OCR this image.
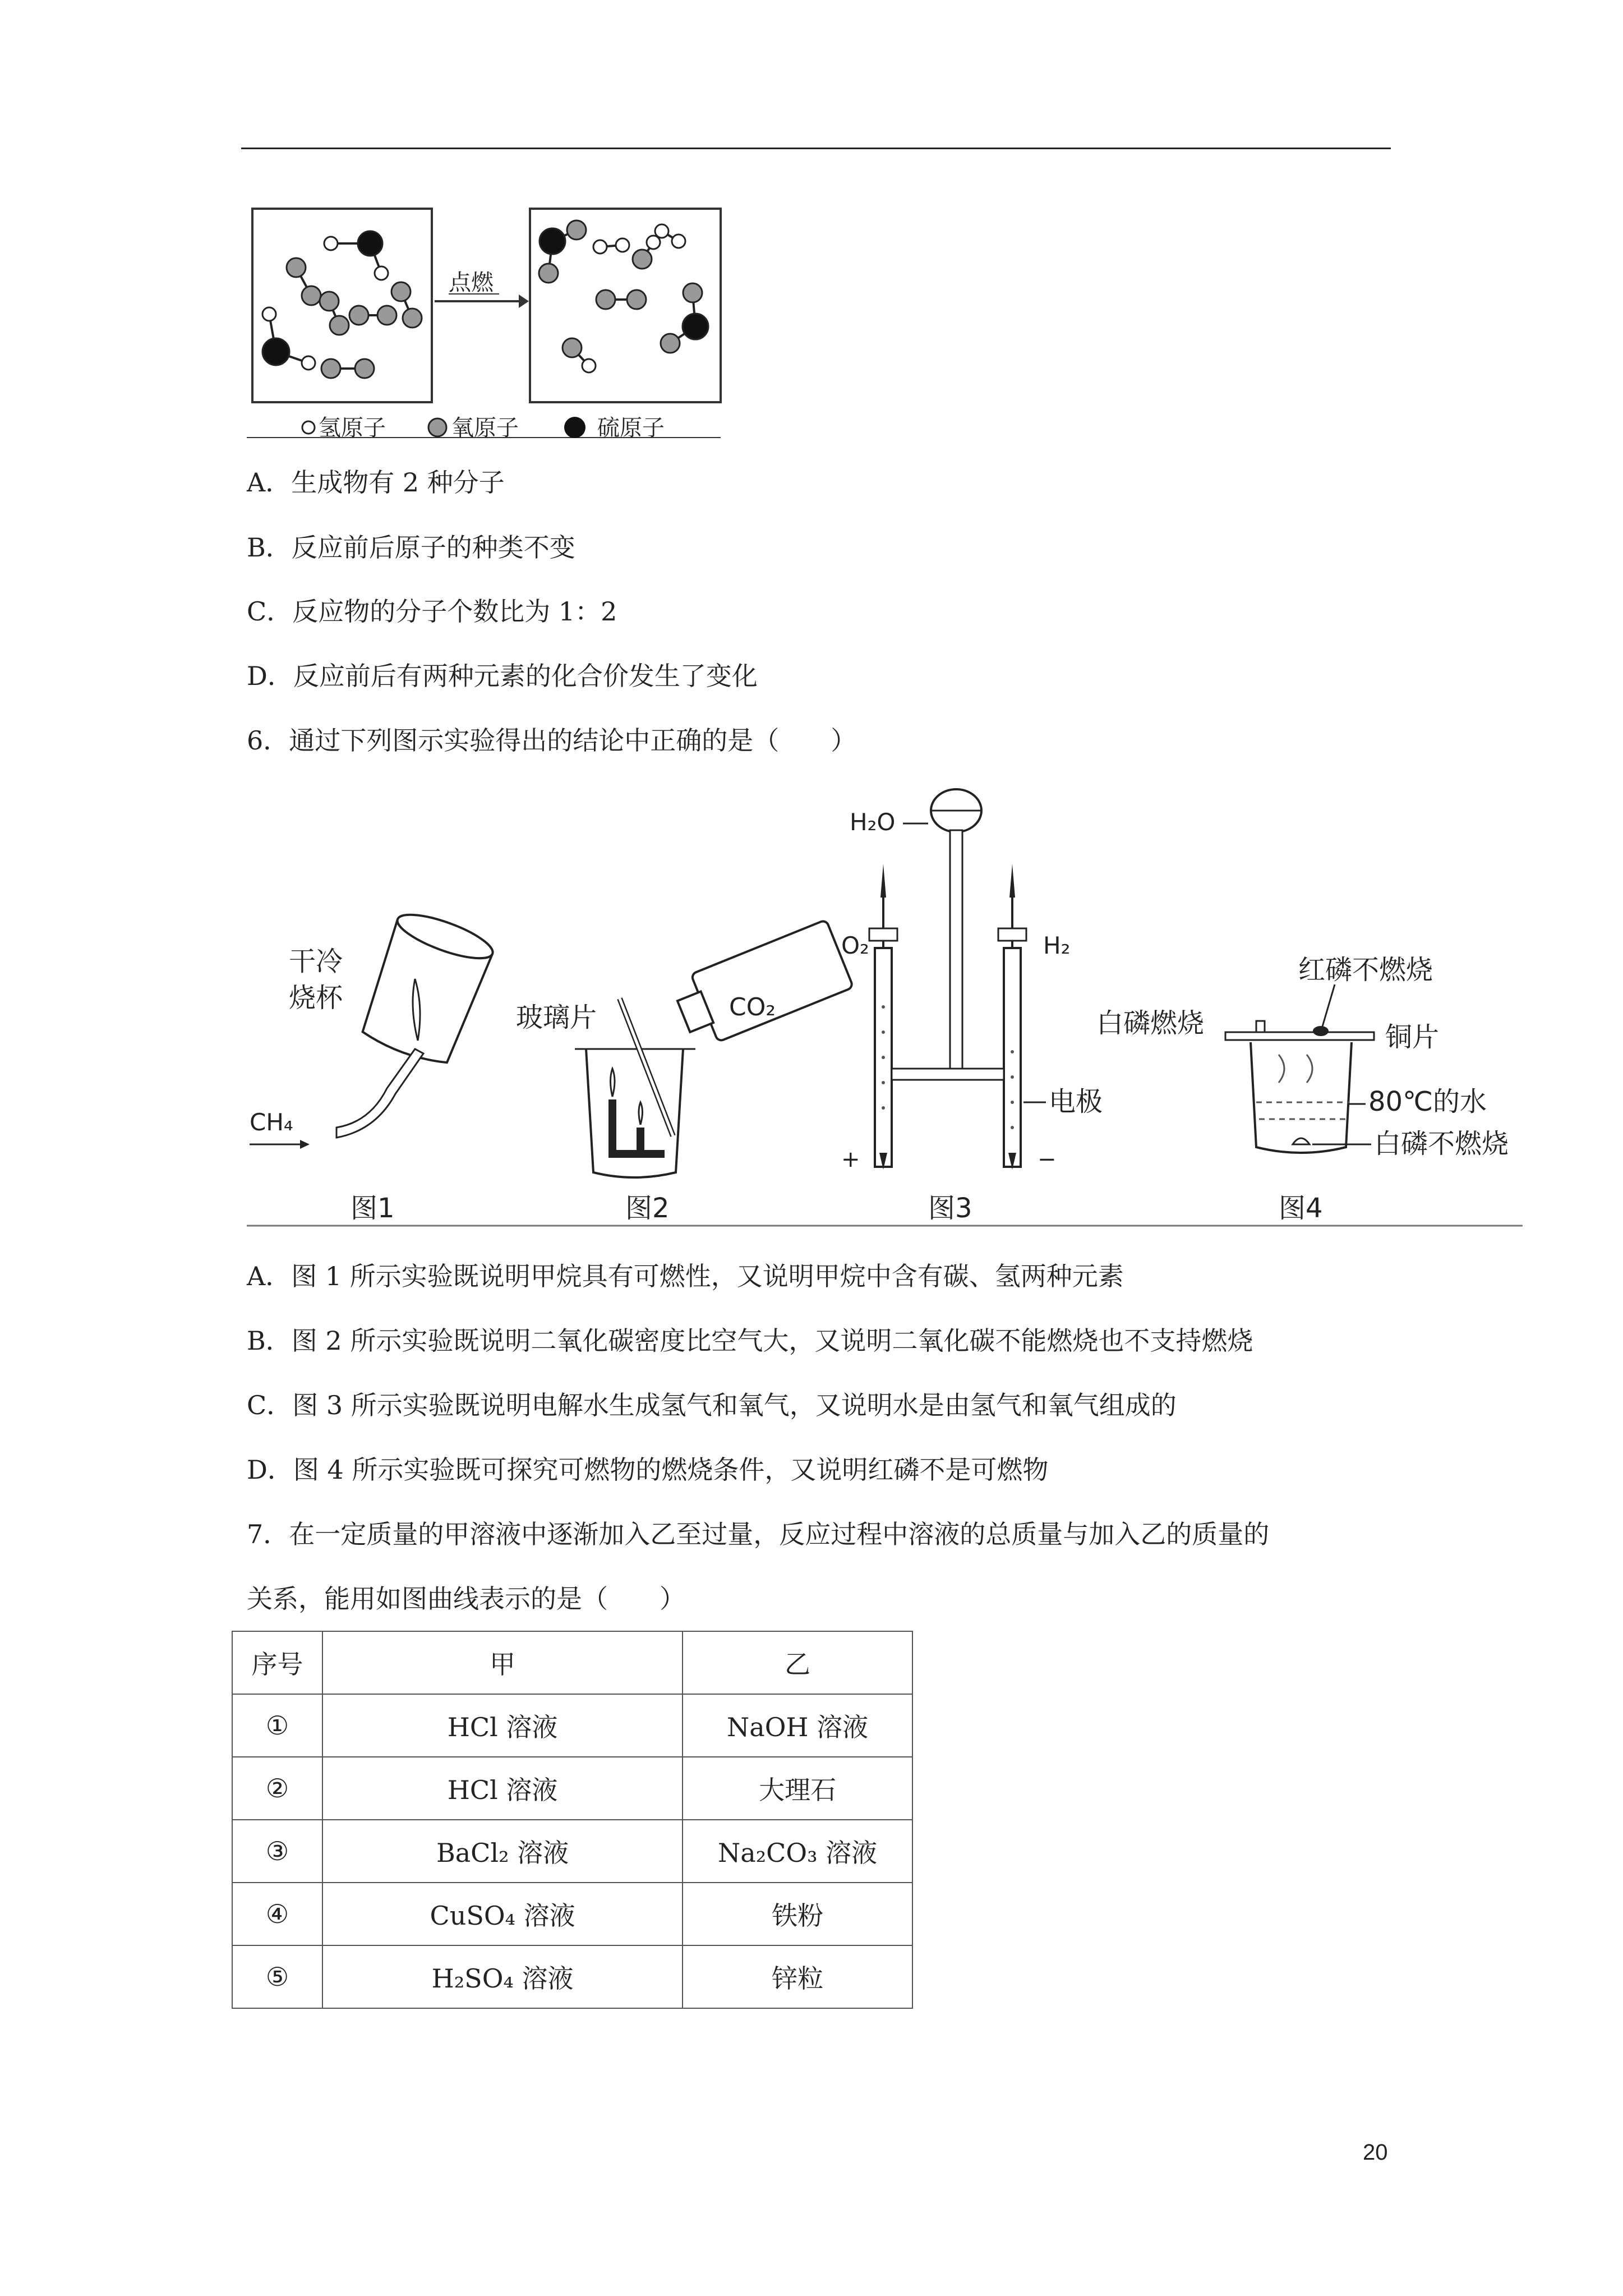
点燃
氢原子	氧原子	硫原子
A．生成物有 2 种分子
B．反应前后原子的种类不变
C．反应物的分子个数比为 1：2
D．反应前后有两种元素的化合价发生了变化
6．通过下列图示实验得出的结论中正确的是（　　）
干冷
烧杯
CH₄
图1
玻璃片	CO₂
图2
H₂O
O₂	H₂
电极
+	−
图3
红磷不燃烧
白磷燃烧	铜片
80℃的水
白磷不燃烧
图4
A．图 1 所示实验既说明甲烷具有可燃性，又说明甲烷中含有碳、氢两种元素
B．图 2 所示实验既说明二氧化碳密度比空气大，又说明二氧化碳不能燃烧也不支持燃烧
C．图 3 所示实验既说明电解水生成氢气和氧气，又说明水是由氢气和氧气组成的
D．图 4 所示实验既可探究可燃物的燃烧条件，又说明红磷不是可燃物
7．在一定质量的甲溶液中逐渐加入乙至过量，反应过程中溶液的总质量与加入乙的质量的
关系，能用如图曲线表示的是（　　）
序号	甲	乙
①	HCl 溶液	NaOH 溶液
②	HCl 溶液	大理石
③	BaCl₂ 溶液	Na₂CO₃ 溶液
④	CuSO₄ 溶液	铁粉
⑤	H₂SO₄ 溶液	锌粒
20
